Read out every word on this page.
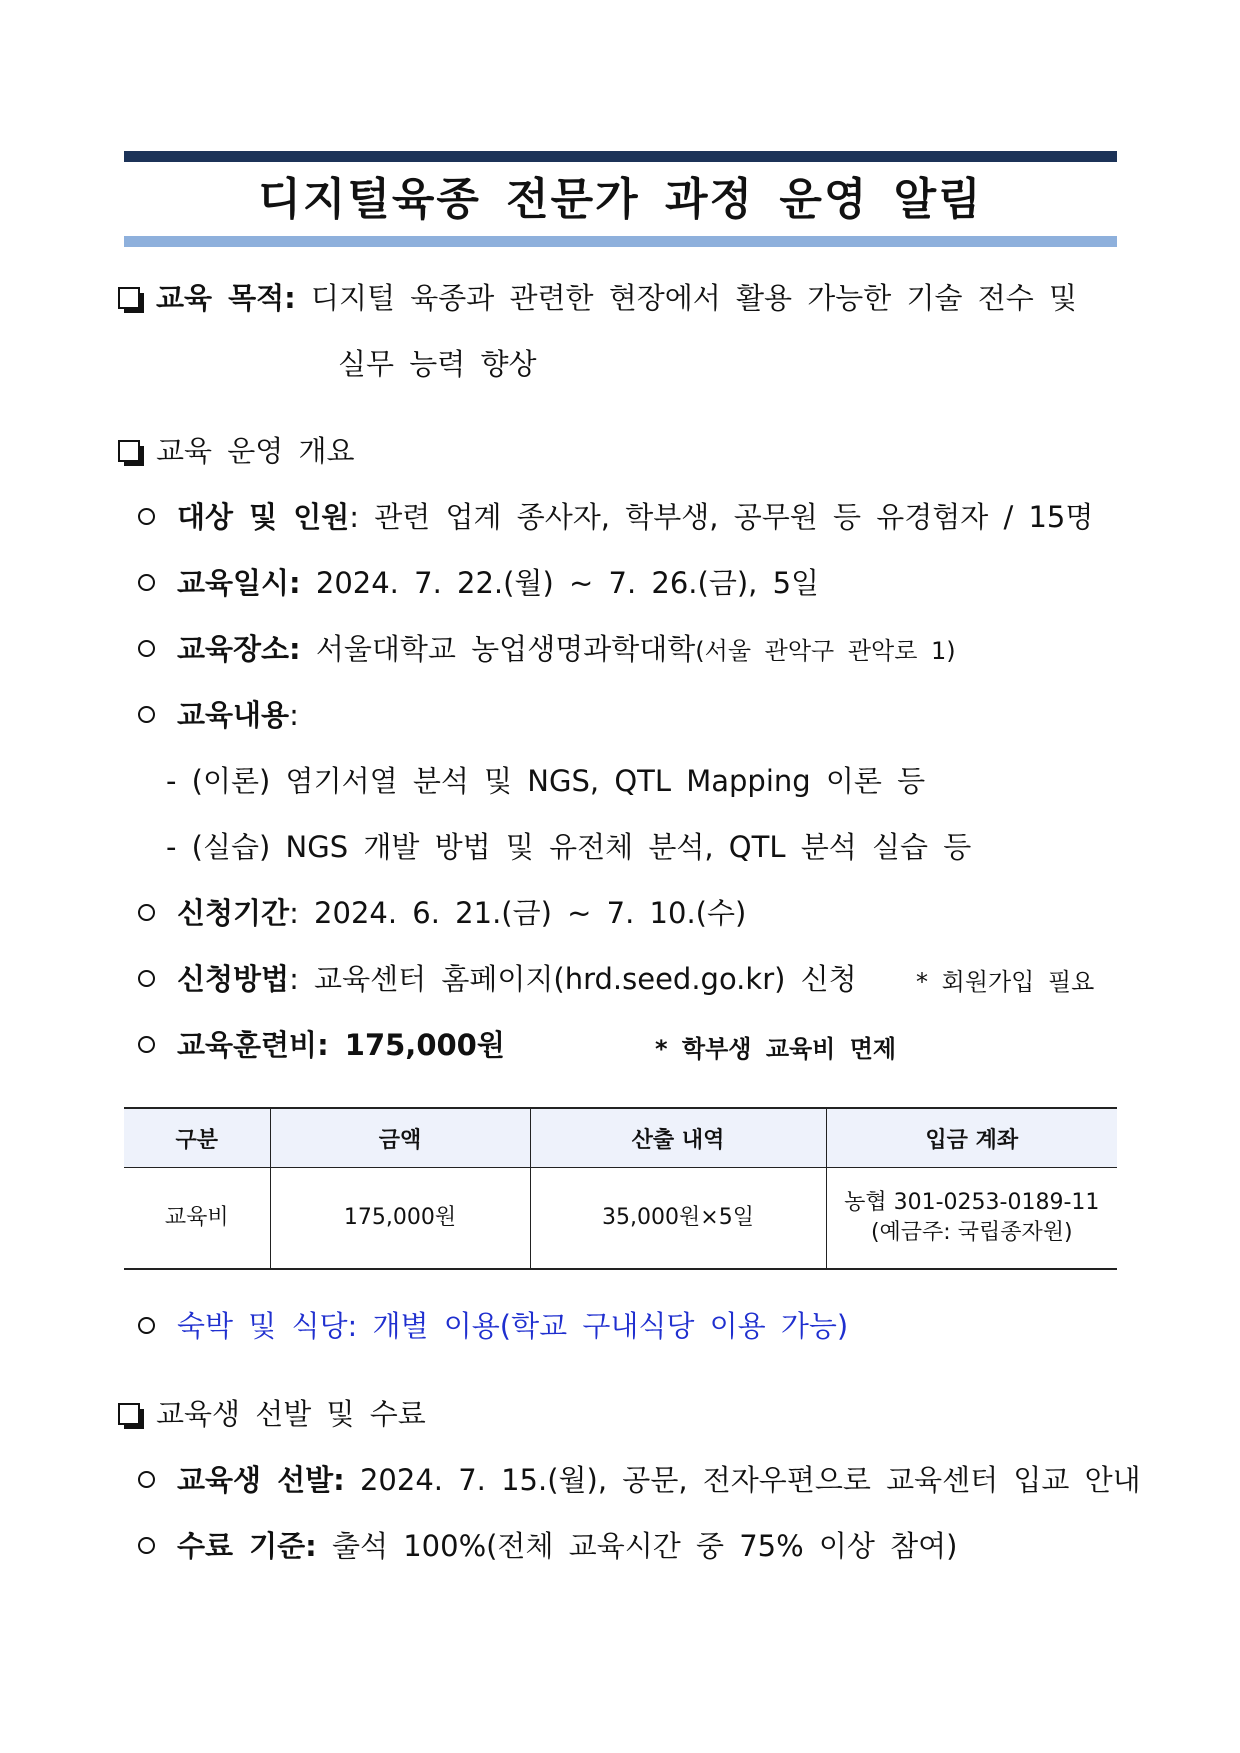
디지털육종 전문가 과정 운영 알림
교육 목적: 디지털 육종과 관련한 현장에서 활용 가능한 기술 전수 및
실무 능력 향상
교육 운영 개요
대상 및 인원: 관련 업계 종사자, 학부생, 공무원 등 유경험자 / 15명
교육일시: 2024. 7. 22.(월) ~ 7. 26.(금), 5일
교육장소: 서울대학교 농업생명과학대학(서울 관악구 관악로 1)
교육내용:
- (이론) 염기서열 분석 및 NGS, QTL Mapping 이론 등
- (실습) NGS 개발 방법 및 유전체 분석, QTL 분석 실습 등
신청기간: 2024. 6. 21.(금) ~ 7. 10.(수)
신청방법: 교육센터 홈페이지(hrd.seed.go.kr) 신청 * 회원가입 필요
교육훈련비: 175,000원	* 학부생 교육비 면제
구분	금액	산출 내역	입금 계좌
교육비	175,000원	35,000원×5일	농협 301-0253-0189-11
(예금주: 국립종자원)
숙박 및 식당: 개별 이용(학교 구내식당 이용 가능)
교육생 선발 및 수료
교육생 선발: 2024. 7. 15.(월), 공문, 전자우편으로 교육센터 입교 안내
수료 기준: 출석 100%(전체 교육시간 중 75% 이상 참여)
